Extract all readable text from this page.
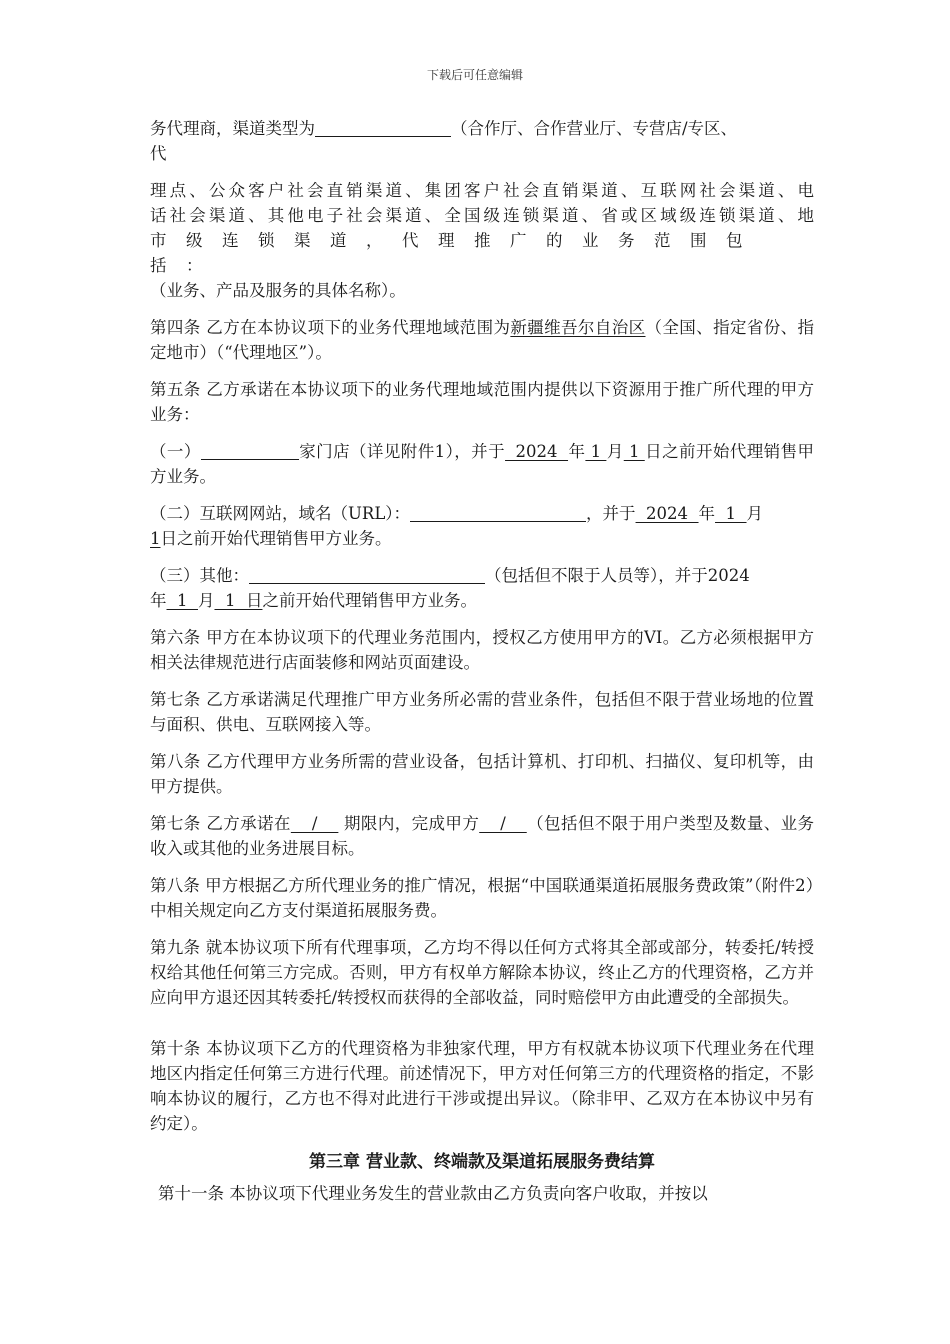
下载后可任意编辑

务代理商，渠道类型为	（合作厅、合作营业厅、专营店/专区、
代

理点、公众客户社会直销渠道、集团客户社会直销渠道、互联网社会渠道、电
话社会渠道、其他电子社会渠道、全国级连锁渠道、省或区域级连锁渠道、地
市级连锁渠道，代理推广的业务范围包括：
（业务、产品及服务的具体名称）。

第四条 乙方在本协议项下的业务代理地域范围为新疆维吾尔自治区（全国、指定省份、指定地市）（“代理地区”）。

第五条 乙方承诺在本协议项下的业务代理地域范围内提供以下资源用于推广所代理的甲方业务：

（一）	家门店（详见附件1），并于  2024  年 1 月 1 日之前开始代理销售甲方业务。

（二）互联网网站，域名（URL）：	，并于  2024  年  1  月
1日之前开始代理销售甲方业务。

（三）其他：	（包括但不限于人员等），并于2024
年  1  月  1  日之前开始代理销售甲方业务。

第六条 甲方在本协议项下的代理业务范围内，授权乙方使用甲方的VI。乙方必须根据甲方相关法律规范进行店面装修和网站页面建设。

第七条 乙方承诺满足代理推广甲方业务所必需的营业条件，包括但不限于营业场地的位置与面积、供电、互联网接入等。

第八条 乙方代理甲方业务所需的营业设备，包括计算机、打印机、扫描仪、复印机等，由甲方提供。

第七条 乙方承诺在    /     期限内，完成甲方    /    （包括但不限于用户类型及数量、业务收入或其他的业务进展目标。

第八条 甲方根据乙方所代理业务的推广情况，根据“中国联通渠道拓展服务费政策”（附件2）中相关规定向乙方支付渠道拓展服务费。

第九条 就本协议项下所有代理事项，乙方均不得以任何方式将其全部或部分，转委托/转授权给其他任何第三方完成。否则，甲方有权单方解除本协议，终止乙方的代理资格，乙方并应向甲方退还因其转委托/转授权而获得的全部收益，同时赔偿甲方由此遭受的全部损失。

第十条 本协议项下乙方的代理资格为非独家代理，甲方有权就本协议项下代理业务在代理地区内指定任何第三方进行代理。前述情况下，甲方对任何第三方的代理资格的指定，不影响本协议的履行，乙方也不得对此进行干涉或提出异议。（除非甲、乙双方在本协议中另有约定）。

第三章 营业款、终端款及渠道拓展服务费结算

第十一条 本协议项下代理业务发生的营业款由乙方负责向客户收取，并按以
